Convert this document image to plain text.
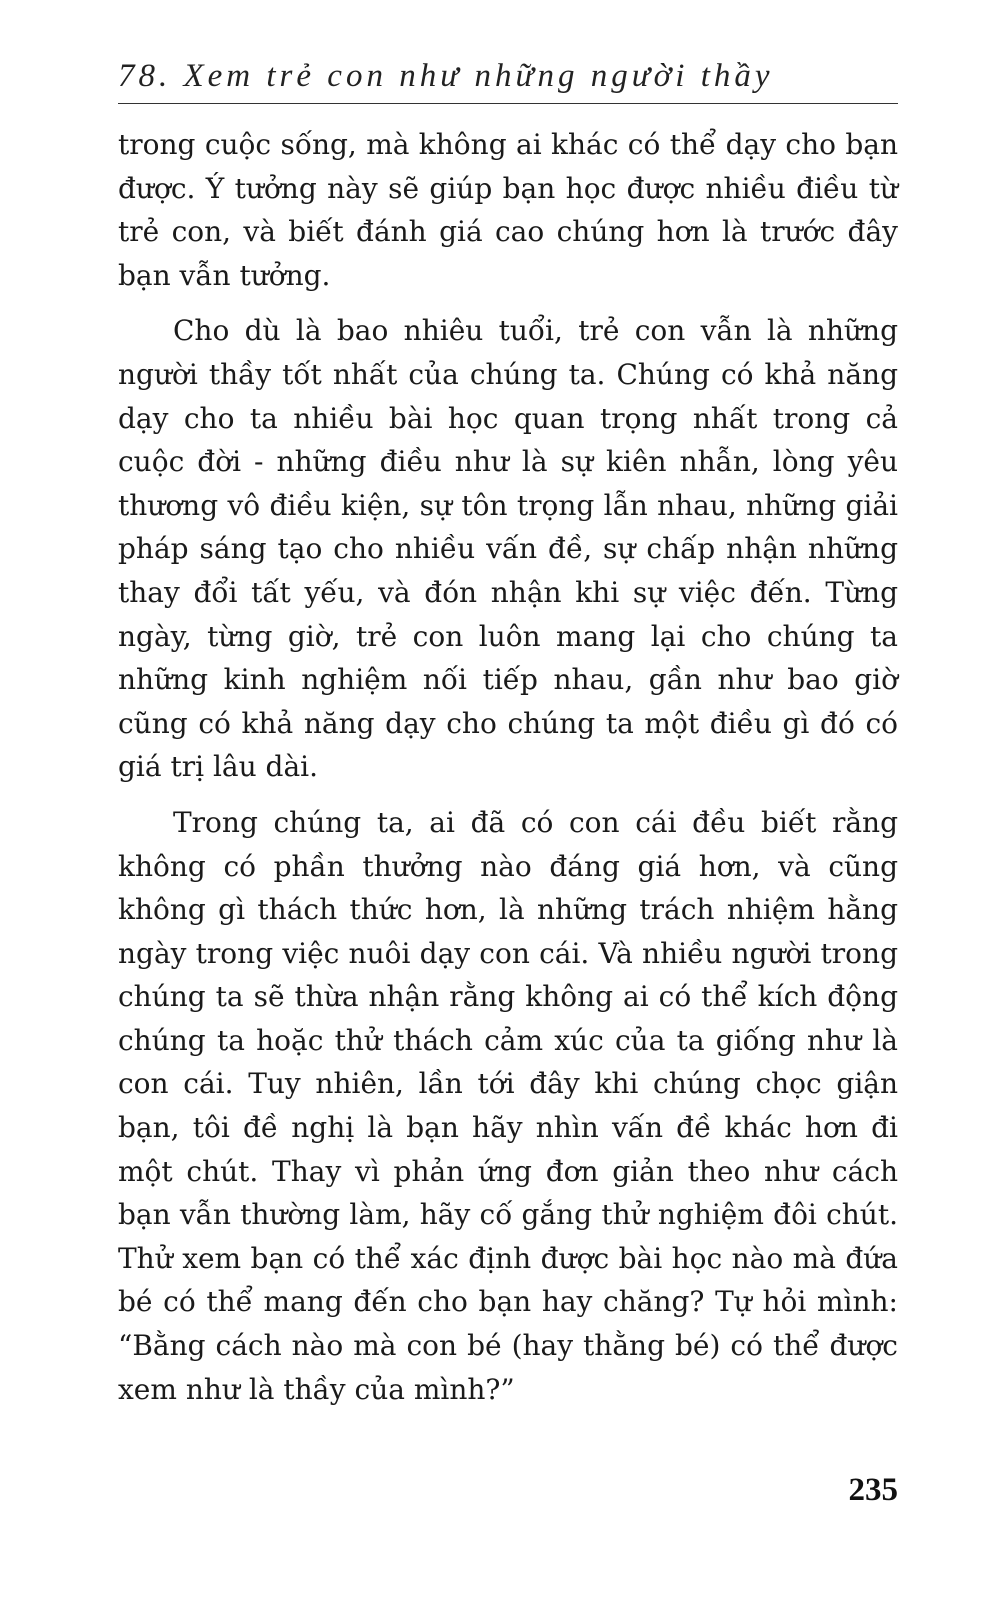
78. Xem trẻ con như những người thầy

trong cuộc sống, mà không ai khác có thể dạy cho bạn được. Ý tưởng này sẽ giúp bạn học được nhiều điều từ trẻ con, và biết đánh giá cao chúng hơn là trước đây bạn vẫn tưởng.

Cho dù là bao nhiêu tuổi, trẻ con vẫn là những người thầy tốt nhất của chúng ta. Chúng có khả năng dạy cho ta nhiều bài học quan trọng nhất trong cả cuộc đời - những điều như là sự kiên nhẫn, lòng yêu thương vô điều kiện, sự tôn trọng lẫn nhau, những giải pháp sáng tạo cho nhiều vấn đề, sự chấp nhận những thay đổi tất yếu, và đón nhận khi sự việc đến. Từng ngày, từng giờ, trẻ con luôn mang lại cho chúng ta những kinh nghiệm nối tiếp nhau, gần như bao giờ cũng có khả năng dạy cho chúng ta một điều gì đó có giá trị lâu dài.

Trong chúng ta, ai đã có con cái đều biết rằng không có phần thưởng nào đáng giá hơn, và cũng không gì thách thức hơn, là những trách nhiệm hằng ngày trong việc nuôi dạy con cái. Và nhiều người trong chúng ta sẽ thừa nhận rằng không ai có thể kích động chúng ta hoặc thử thách cảm xúc của ta giống như là con cái. Tuy nhiên, lần tới đây khi chúng chọc giận bạn, tôi đề nghị là bạn hãy nhìn vấn đề khác hơn đi một chút. Thay vì phản ứng đơn giản theo như cách bạn vẫn thường làm, hãy cố gắng thử nghiệm đôi chút. Thử xem bạn có thể xác định được bài học nào mà đứa bé có thể mang đến cho bạn hay chăng? Tự hỏi mình: “Bằng cách nào mà con bé (hay thằng bé) có thể được xem như là thầy của mình?”

235
